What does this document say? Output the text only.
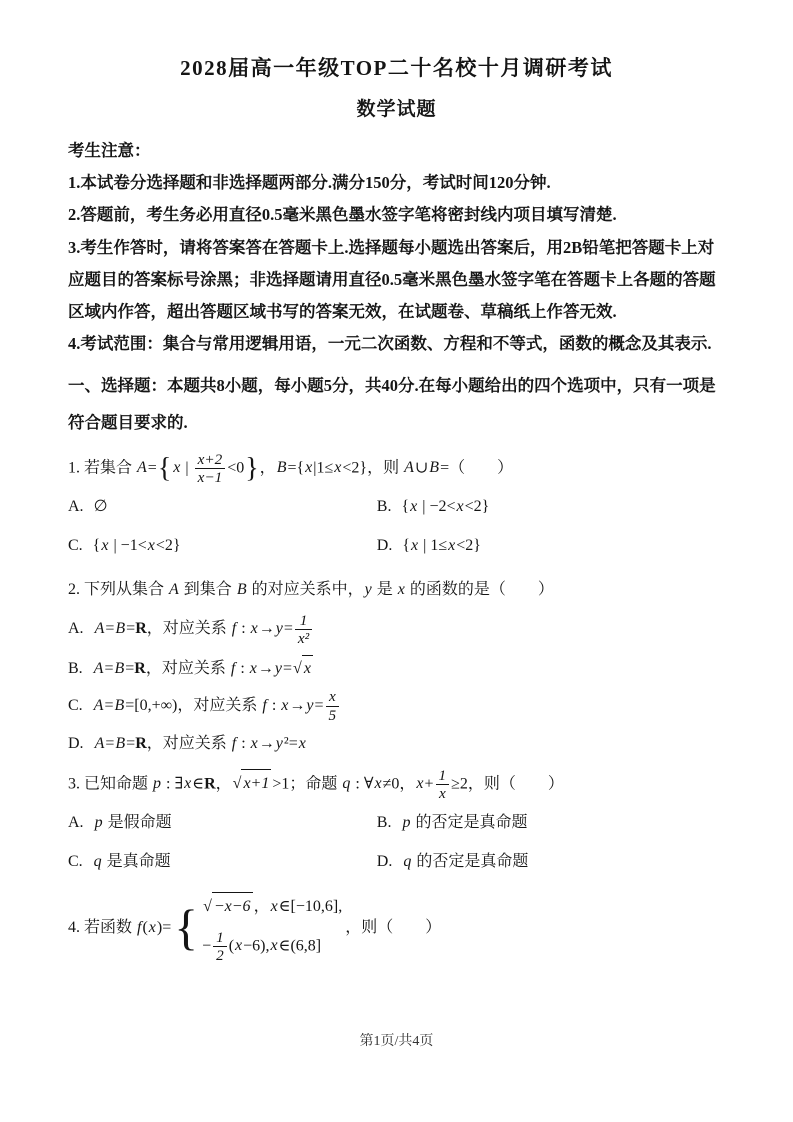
2028届高一年级TOP二十名校十月调研考试
数学试题

考生注意：

1.本试卷分选择题和非选择题两部分.满分150分，考试时间120分钟.

2.答题前，考生务必用直径0.5毫米黑色墨水签字笔将密封线内项目填写清楚.

3.考生作答时，请将答案答在答题卡上.选择题每小题选出答案后，用2B铅笔把答题卡上对应题目的答案标号涂黑；非选择题请用直径0.5毫米黑色墨水签字笔在答题卡上各题的答题区域内作答，超出答题区域书写的答案无效，在试题卷、草稿纸上作答无效.

4.考试范围：集合与常用逻辑用语，一元二次函数、方程和不等式，函数的概念及其表示.

一、选择题：本题共8小题，每小题5分，共40分.在每小题给出的四个选项中，只有一项是符合题目要求的.

1. 若集合 A={ x | $\frac{x+2}{x-1} <0$}，B={x|1≤x<2}，则 A∪B=（　　）

A. ∅	B. {x | −2<x<2}

C. {x | −1<x<2}	D. {x | 1≤x<2}

2. 下列从集合 A 到集合 B 的对应关系中，y 是 x 的函数的是（　　）

A. A=B=R，对应关系 f : $x\to y= \frac{1}{\text{x²}}$

B. A=B=R，对应关系 f : x→y=√ x

C. A=B=[0,+∞)，对应关系 f : $x\to y= \frac{x}{5}$

D. A=B=R，对应关系 f : x→y²=x

3. 已知命题 p : ∃x∈R，√ x+1 >1；命题 q : ∀x≠0，$x+ \frac{1}{x} \ge 2$，则（　　）

A. p 是假命题	B. p 的否定是真命题

C. q 是真命题	D. q 的否定是真命题

4. 若函数 f(x)= { √ −x−6 ，x∈[−10,6],
− $\frac{1}{2}$ (x−6),x∈(6,8]
，则（　　）

第1页/共4页
